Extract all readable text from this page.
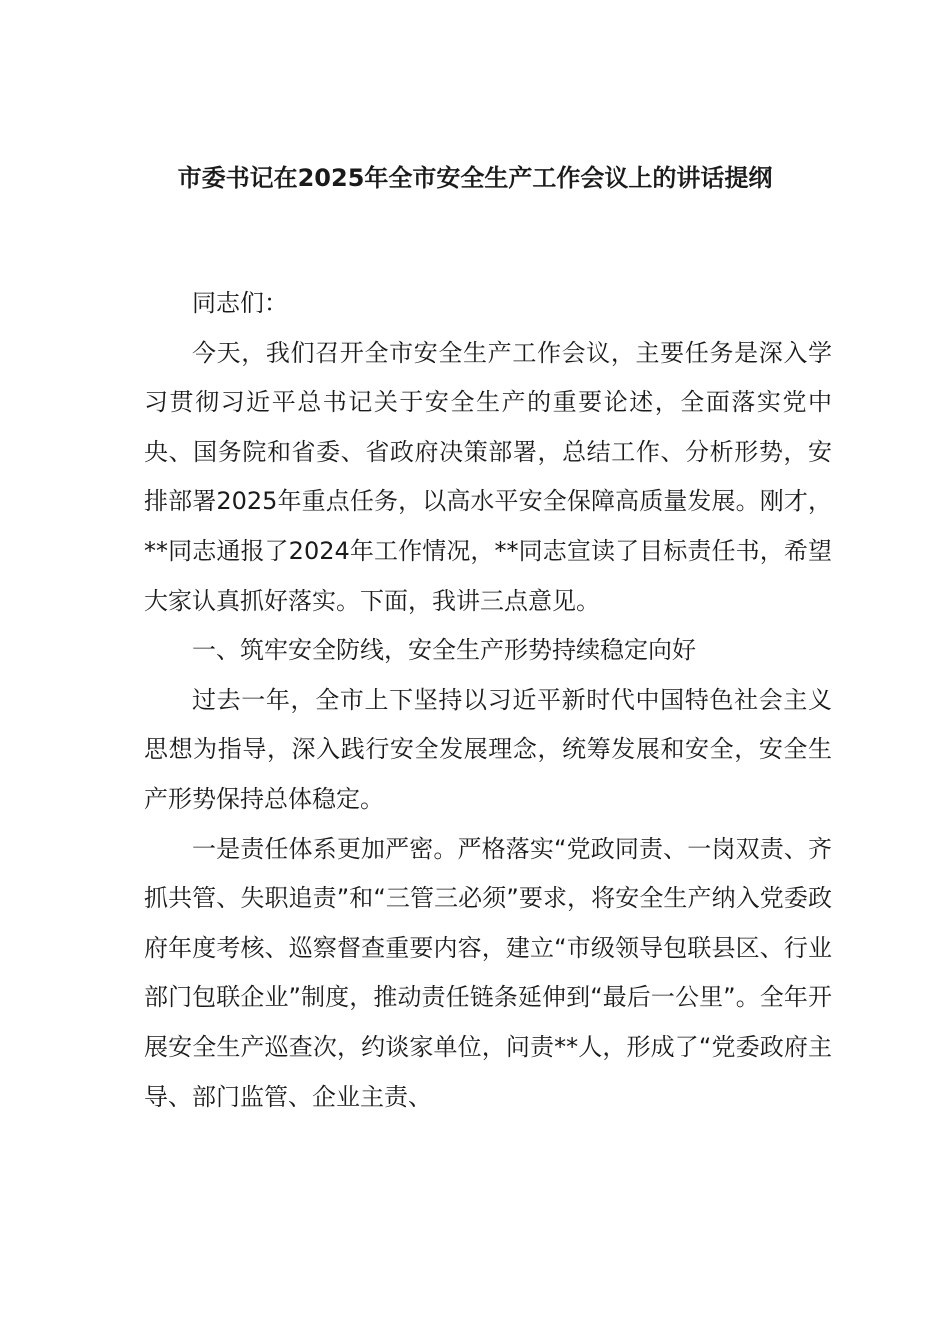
市委书记在2025年全市安全生产工作会议上的讲话提纲

同志们：

今天，我们召开全市安全生产工作会议，主要任务是深入学习贯彻习近平总书记关于安全生产的重要论述，全面落实党中央、国务院和省委、省政府决策部署，总结工作、分析形势，安排部署2025年重点任务，以高水平安全保障高质量发展。刚才，**同志通报了2024年工作情况，**同志宣读了目标责任书，希望大家认真抓好落实。下面，我讲三点意见。

一、筑牢安全防线，安全生产形势持续稳定向好

过去一年，全市上下坚持以习近平新时代中国特色社会主义思想为指导，深入践行安全发展理念，统筹发展和安全，安全生产形势保持总体稳定。

一是责任体系更加严密。严格落实“党政同责、一岗双责、齐抓共管、失职追责”和“三管三必须”要求，将安全生产纳入党委政府年度考核、巡察督查重要内容，建立“市级领导包联县区、行业部门包联企业”制度，推动责任链条延伸到“最后一公里”。全年开展安全生产巡查次，约谈家单位，问责**人，形成了“党委政府主导、部门监管、企业主责、
